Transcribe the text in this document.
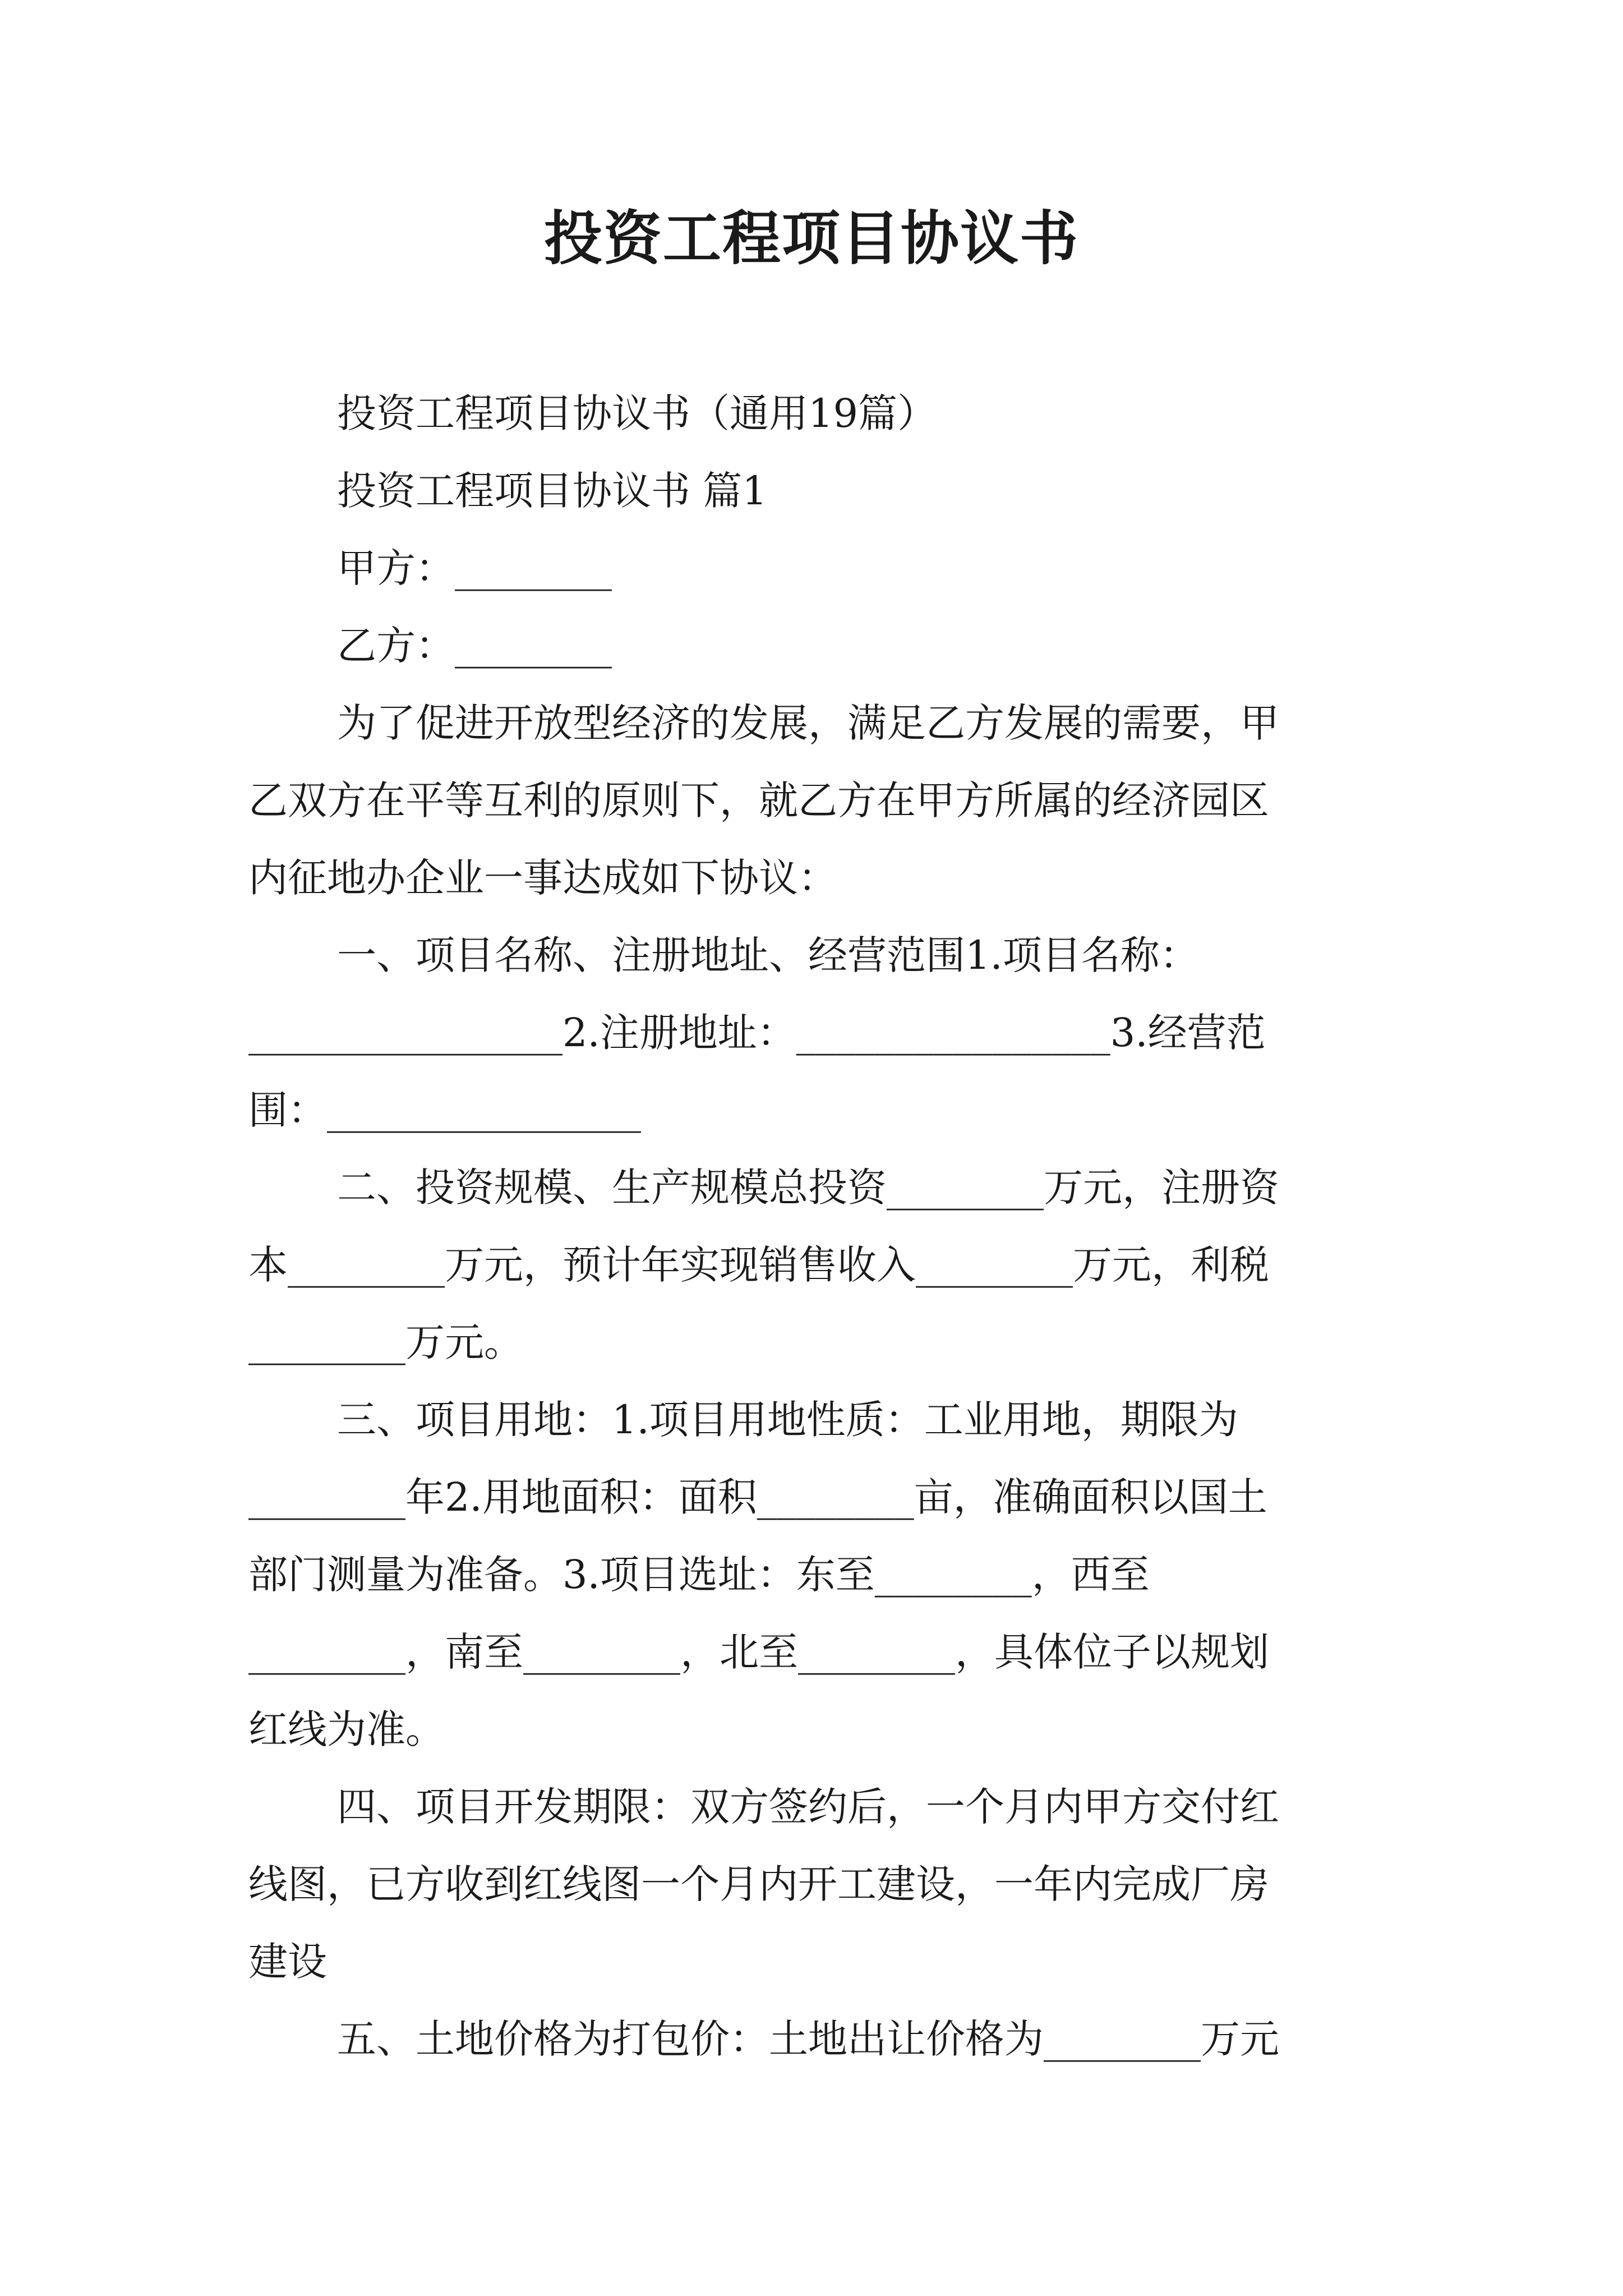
投资工程项目协议书
投资工程项目协议书（通用19篇）
投资工程项目协议书 篇1
甲方：________
乙方：________
为了促进开放型经济的发展，满足乙方发展的需要，甲
乙双方在平等互利的原则下，就乙方在甲方所属的经济园区
内征地办企业一事达成如下协议：
一、项目名称、注册地址、经营范围1.项目名称：
________________2.注册地址：________________3.经营范
围：________________
二、投资规模、生产规模总投资________万元，注册资
本________万元，预计年实现销售收入________万元，利税
________万元。
三、项目用地：1.项目用地性质：工业用地，期限为
________年2.用地面积：面积________亩，准确面积以国土
部门测量为准备。3.项目选址：东至________，西至
________，南至________，北至________，具体位子以规划
红线为准。
四、项目开发期限：双方签约后，一个月内甲方交付红
线图，已方收到红线图一个月内开工建设，一年内完成厂房
建设
五、土地价格为打包价：土地出让价格为________万元
